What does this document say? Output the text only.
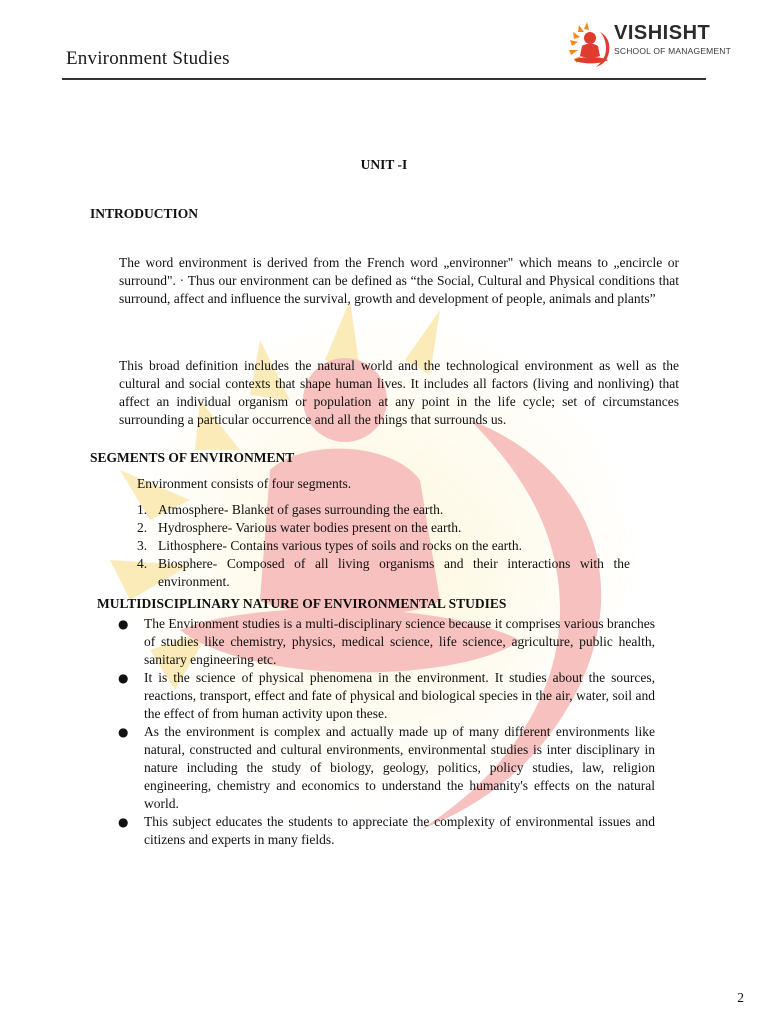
Environment Studies
VISHISHT
SCHOOL OF MANAGEMENT
UNIT -I
INTRODUCTION
The word environment is derived from the French word „environner" which means to „encircle or surround". · Thus our environment can be defined as “the Social, Cultural and Physical conditions that surround, affect and influence the survival, growth and development of people, animals and plants”
This broad definition includes the natural world and the technological environment as well as the cultural and social contexts that shape human lives. It includes all factors (living and nonliving) that affect an individual organism or population at any point in the life cycle; set of circumstances surrounding a particular occurrence and all the things that surrounds us.
SEGMENTS OF ENVIRONMENT
Environment consists of four segments.
1. Atmosphere- Blanket of gases surrounding the earth.
2. Hydrosphere- Various water bodies present on the earth.
3. Lithosphere- Contains various types of soils and rocks on the earth.
4. Biosphere- Composed of all living organisms and their interactions with the environment.
MULTIDISCIPLINARY NATURE OF ENVIRONMENTAL STUDIES
● The Environment studies is a multi-disciplinary science because it comprises various branches of studies like chemistry, physics, medical science, life science, agriculture, public health, sanitary engineering etc.
● It is the science of physical phenomena in the environment. It studies about the sources, reactions, transport, effect and fate of physical and biological species in the air, water, soil and the effect of from human activity upon these.
● As the environment is complex and actually made up of many different environments like natural, constructed and cultural environments, environmental studies is inter disciplinary in nature including the study of biology, geology, politics, policy studies, law, religion engineering, chemistry and economics to understand the humanity's effects on the natural world.
● This subject educates the students to appreciate the complexity of environmental issues and citizens and experts in many fields.
2
